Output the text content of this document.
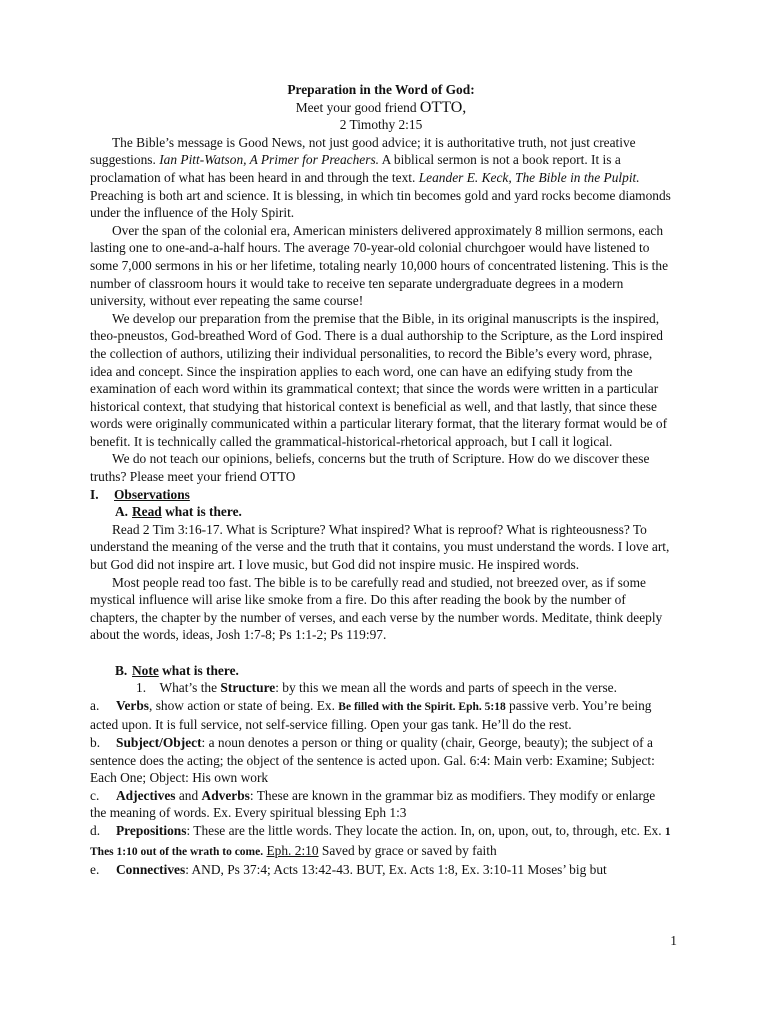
Preparation in the Word of God:
Meet your good friend OTTO,
2 Timothy 2:15

The Bible’s message is Good News, not just good advice; it is authoritative truth, not just creative suggestions. Ian Pitt-Watson, A Primer for Preachers. A biblical sermon is not a book report. It is a proclamation of what has been heard in and through the text. Leander E. Keck, The Bible in the Pulpit. Preaching is both art and science. It is blessing, in which tin becomes gold and yard rocks become diamonds under the influence of the Holy Spirit.

Over the span of the colonial era, American ministers delivered approximately 8 million sermons, each lasting one to one-and-a-half hours. The average 70-year-old colonial churchgoer would have listened to some 7,000 sermons in his or her lifetime, totaling nearly 10,000 hours of concentrated listening. This is the number of classroom hours it would take to receive ten separate undergraduate degrees in a modern university, without ever repeating the same course!

We develop our preparation from the premise that the Bible, in its original manuscripts is the inspired, theo-pneustos, God-breathed Word of God. There is a dual authorship to the Scripture, as the Lord inspired the collection of authors, utilizing their individual personalities, to record the Bible’s every word, phrase, idea and concept. Since the inspiration applies to each word, one can have an edifying study from the examination of each word within its grammatical context; that since the words were written in a particular historical context, that studying that historical context is beneficial as well, and that lastly, that since these words were originally communicated within a particular literary format, that the literary format would be of benefit. It is technically called the grammatical-historical-rhetorical approach, but I call it logical.

We do not teach our opinions, beliefs, concerns but the truth of Scripture. How do we discover these truths? Please meet your friend OTTO

I. Observations
A. Read what is there.

Read 2 Tim 3:16-17. What is Scripture? What inspired? What is reproof? What is righteousness? To understand the meaning of the verse and the truth that it contains, you must understand the words. I love art, but God did not inspire art. I love music, but God did not inspire music. He inspired words.

Most people read too fast. The bible is to be carefully read and studied, not breezed over, as if some mystical influence will arise like smoke from a fire. Do this after reading the book by the number of chapters, the chapter by the number of verses, and each verse by the number words. Meditate, think deeply about the words, ideas, Josh 1:7-8; Ps 1:1-2; Ps 119:97.

B. Note what is there.

1. What’s the Structure: by this we mean all the words and parts of speech in the verse.

a. Verbs, show action or state of being. Ex. Be filled with the Spirit. Eph. 5:18 passive verb. You’re being acted upon. It is full service, not self-service filling. Open your gas tank. He’ll do the rest.

b. Subject/Object: a noun denotes a person or thing or quality (chair, George, beauty); the subject of a sentence does the acting; the object of the sentence is acted upon. Gal. 6:4: Main verb: Examine; Subject: Each One; Object: His own work

c. Adjectives and Adverbs: These are known in the grammar biz as modifiers. They modify or enlarge the meaning of words. Ex. Every spiritual blessing Eph 1:3

d. Prepositions: These are the little words. They locate the action. In, on, upon, out, to, through, etc. Ex. 1 Thes 1:10 out of the wrath to come. Eph. 2:10 Saved by grace or saved by faith

e. Connectives: AND, Ps 37:4; Acts 13:42-43. BUT, Ex. Acts 1:8, Ex. 3:10-11 Moses’ big but

1
